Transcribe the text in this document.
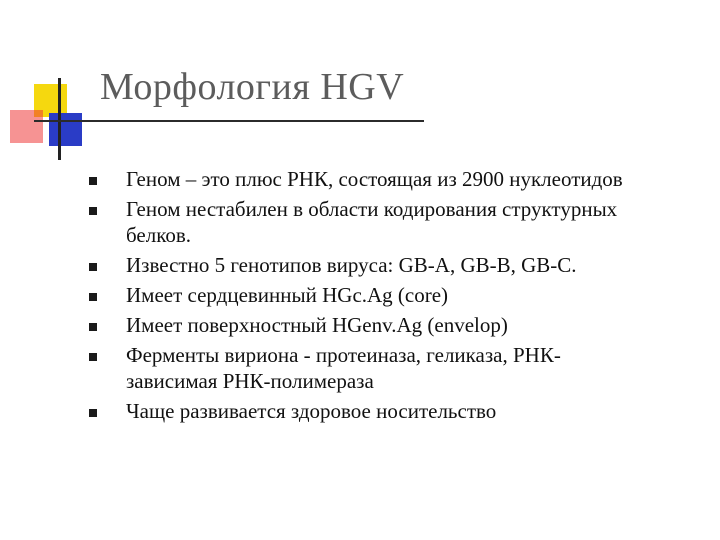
Морфология HGV
Геном – это плюс РНК, состоящая из 2900 нуклеотидов
Геном нестабилен в области кодирования структурных
белков.
Известно 5 генотипов вируса: GB-A, GB-B, GB-C.
Имеет сердцевинный HGc.Ag (core)
Имеет поверхностный HGenv.Ag (envelop)
Ферменты вириона - протеиназа, геликаза, РНК-
зависимая РНК-полимераза
Чаще развивается здоровое носительство
